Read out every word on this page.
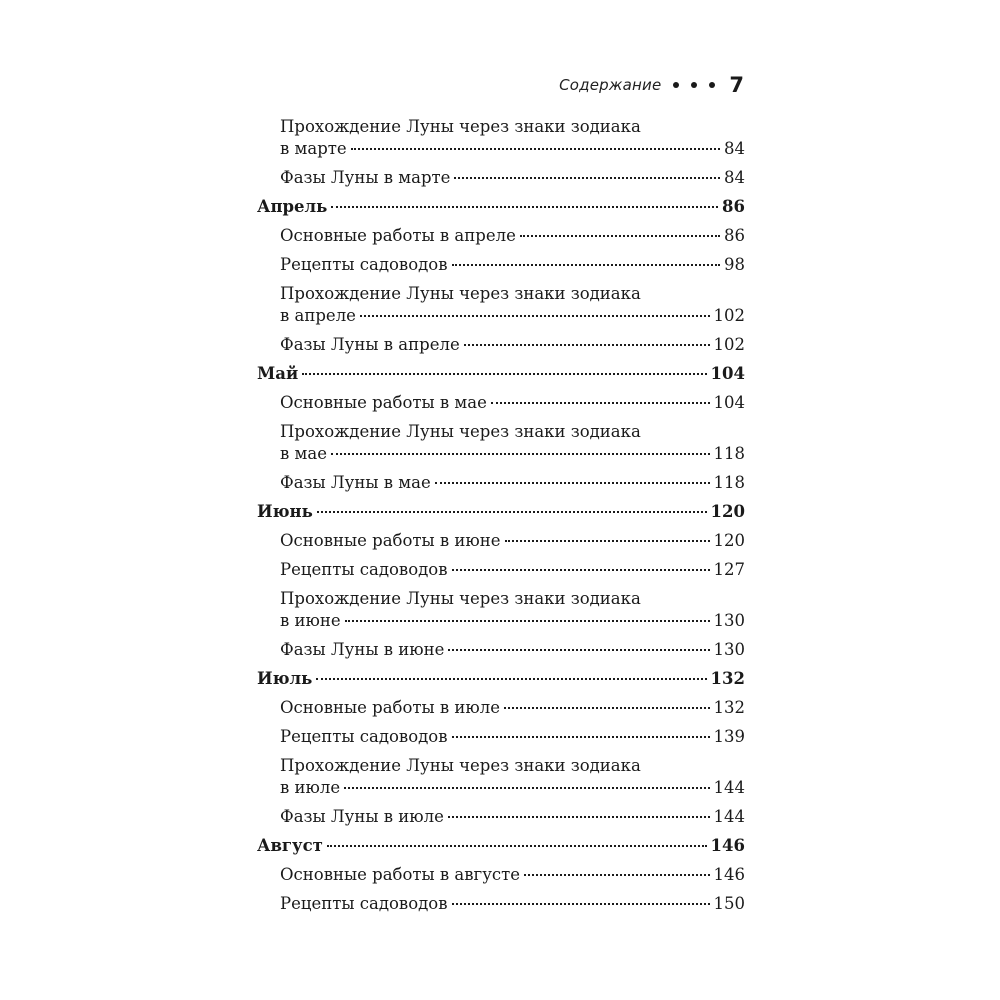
Содержание	7
Прохождение Луны через знаки зодиака
в марте	84
Фазы Луны в марте	84
Апрель	86
Основные работы в апреле	86
Рецепты садоводов	98
Прохождение Луны через знаки зодиака
в апреле	102
Фазы Луны в апреле	102
Май	104
Основные работы в мае	104
Прохождение Луны через знаки зодиака
в мае	118
Фазы Луны в мае	118
Июнь	120
Основные работы в июне	120
Рецепты садоводов	127
Прохождение Луны через знаки зодиака
в июне	130
Фазы Луны в июне	130
Июль	132
Основные работы в июле	132
Рецепты садоводов	139
Прохождение Луны через знаки зодиака
в июле	144
Фазы Луны в июле	144
Август	146
Основные работы в августе	146
Рецепты садоводов	150
